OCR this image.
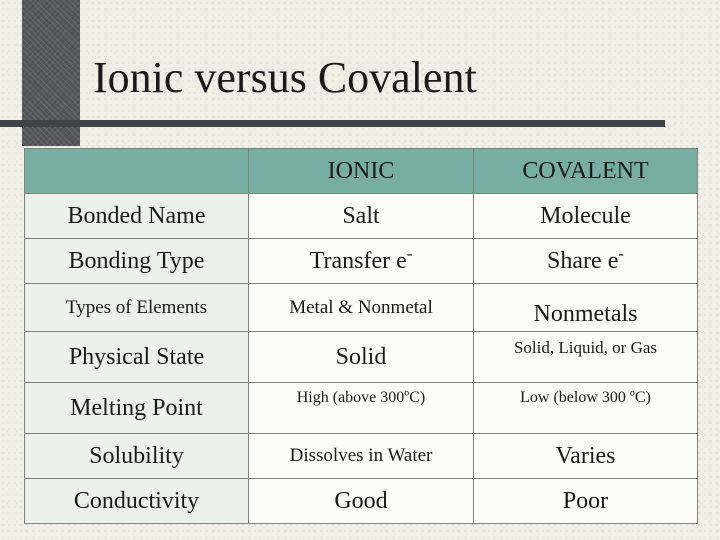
Ionic versus Covalent
	IONIC	COVALENT
Bonded Name	Salt	Molecule
Bonding Type	Transfer e-	Share e-
Types of Elements	Metal & Nonmetal	Nonmetals
Physical State	Solid	Solid, Liquid, or Gas
Melting Point	High (above 300ºC)	Low (below 300 ºC)
Solubility	Dissolves in Water	Varies
Conductivity	Good	Poor
